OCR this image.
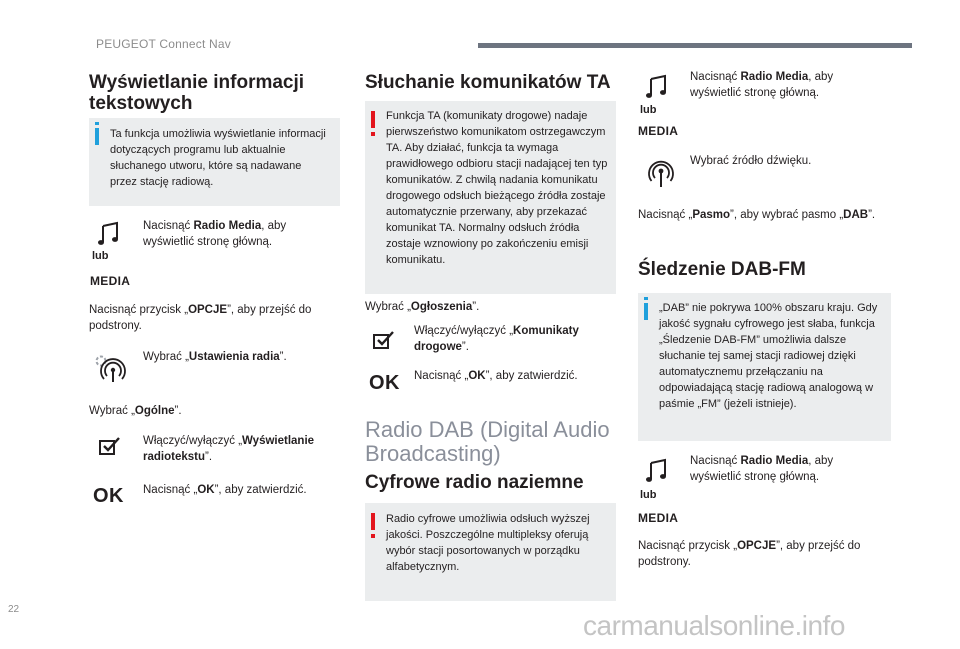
PEUGEOT Connect Nav
Wyświetlanie informacji tekstowych
Ta funkcja umożliwia wyświetlanie informacji dotyczących programu lub aktualnie słuchanego utworu, które są nadawane przez stację radiową.
lub
MEDIA
Nacisnąć Radio Media, aby wyświetlić stronę główną.
Nacisnąć przycisk „OPCJE”, aby przejść do podstrony.
Wybrać „Ustawienia radia”.
Wybrać „Ogólne”.
Włączyć/wyłączyć „Wyświetlanie radiotekstu”.
OK Nacisnąć „OK”, aby zatwierdzić.
Słuchanie komunikatów TA
Funkcja TA (komunikaty drogowe) nadaje pierwszeństwo komunikatom ostrzegawczym TA. Aby działać, funkcja ta wymaga prawidłowego odbioru stacji nadającej ten typ komunikatów. Z chwilą nadania komunikatu drogowego odsłuch bieżącego źródła zostaje automatycznie przerwany, aby przekazać komunikat TA. Normalny odsłuch źródła zostaje wznowiony po zakończeniu emisji komunikatu.
Wybrać „Ogłoszenia”.
Włączyć/wyłączyć „Komunikaty drogowe”.
OK Nacisnąć „OK”, aby zatwierdzić.
Radio DAB (Digital Audio Broadcasting)
Cyfrowe radio naziemne
Radio cyfrowe umożliwia odsłuch wyższej jakości. Poszczególne multipleksy oferują wybór stacji posortowanych w porządku alfabetycznym.
lub
MEDIA
Nacisnąć Radio Media, aby wyświetlić stronę główną.
Wybrać źródło dźwięku.
Nacisnąć „Pasmo”, aby wybrać pasmo „DAB”.
Śledzenie DAB-FM
„DAB” nie pokrywa 100% obszaru kraju. Gdy jakość sygnału cyfrowego jest słaba, funkcja „Śledzenie DAB-FM” umożliwia dalsze słuchanie tej samej stacji radiowej dzięki automatycznemu przełączaniu na odpowiadającą stację radiową analogową w paśmie „FM” (jeżeli istnieje).
lub
MEDIA
Nacisnąć Radio Media, aby wyświetlić stronę główną.
Nacisnąć przycisk „OPCJE”, aby przejść do podstrony.
22
carmanualsonline.info
